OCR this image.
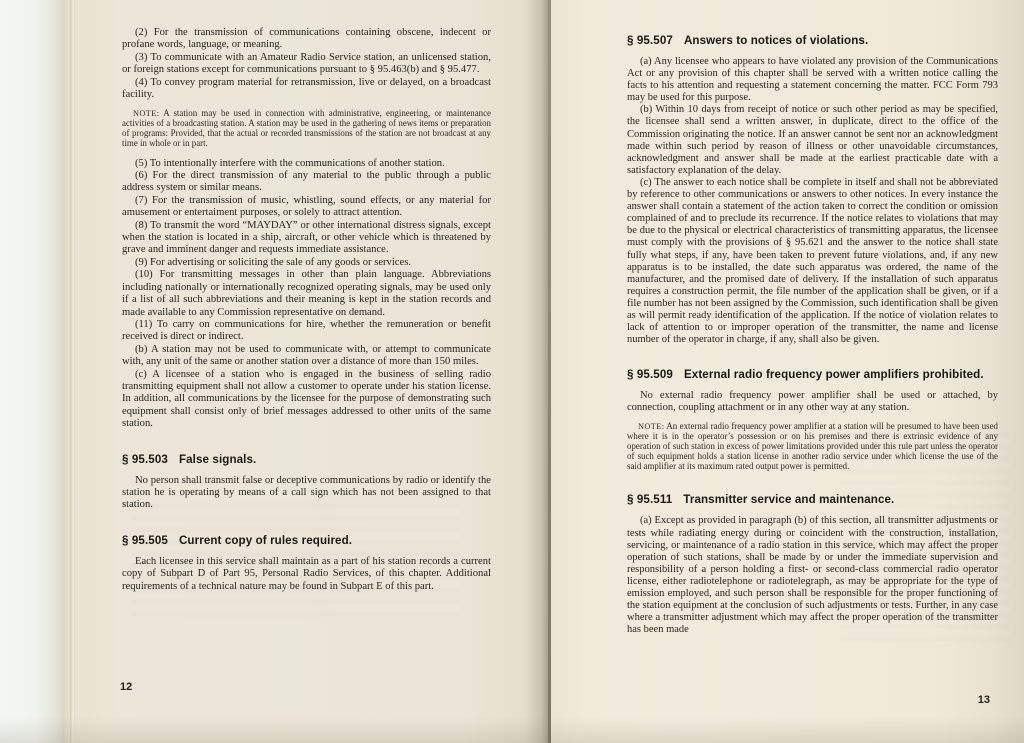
(2) For the transmission of communications containing obscene, indecent or profane words, language, or meaning.

(3) To communicate with an Amateur Radio Service station, an unlicensed station, or foreign stations except for communications pursuant to § 95.463(b) and § 95.477.

(4) To convey program material for retransmission, live or delayed, on a broadcast facility.

NOTE: A station may be used in connection with administrative, engineering, or maintenance activities of a broadcasting station. A station may be used in the gathering of news items or preparation of programs: Provided, that the actual or recorded transmissions of the station are not broadcast at any time in whole or in part.

(5) To intentionally interfere with the communications of another station.

(6) For the direct transmission of any material to the public through a public address system or similar means.

(7) For the transmission of music, whistling, sound effects, or any material for amusement or entertaiment purposes, or solely to attract attention.

(8) To transmit the word “MAYDAY” or other international distress signals, except when the station is located in a ship, aircraft, or other vehicle which is threatened by grave and imminent danger and requests immediate assistance.

(9) For advertising or soliciting the sale of any goods or services.

(10) For transmitting messages in other than plain language. Abbreviations including nationally or internationally recognized operating signals, may be used only if a list of all such abbreviations and their meaning is kept in the station records and made available to any Commission representative on demand.

(11) To carry on communications for hire, whether the remuneration or benefit received is direct or indirect.

(b) A station may not be used to communicate with, or attempt to communicate with, any unit of the same or another station over a distance of more than 150 miles.

(c) A licensee of a station who is engaged in the business of selling radio transmitting equipment shall not allow a customer to operate under his station license. In addition, all communications by the licensee for the purpose of demonstrating such equipment shall consist only of brief messages addressed to other units of the same station.

§ 95.503 False signals.

No person shall transmit false or deceptive communications by radio or identify the station he is operating by means of a call sign which has not been assigned to that station.

§ 95.505 Current copy of rules required.

Each licensee in this service shall maintain as a part of his station records a current copy of Subpart D of Part 95, Personal Radio Services, of this chapter. Additional requirements of a technical nature may be found in Subpart E of this part.

12
§ 95.507 Answers to notices of violations.

(a) Any licensee who appears to have violated any provision of the Communications Act or any provision of this chapter shall be served with a written notice calling the facts to his attention and requesting a statement concerning the matter. FCC Form 793 may be used for this purpose.

(b) Within 10 days from receipt of notice or such other period as may be specified, the licensee shall send a written answer, in duplicate, direct to the office of the Commission originating the notice. If an answer cannot be sent nor an acknowledgment made within such period by reason of illness or other unavoidable circumstances, acknowledgment and answer shall be made at the earliest practicable date with a satisfactory explanation of the delay.

(c) The answer to each notice shall be complete in itself and shall not be abbreviated by reference to other communications or answers to other notices. In every instance the answer shall contain a statement of the action taken to correct the condition or omission complained of and to preclude its recurrence. If the notice relates to violations that may be due to the physical or electrical characteristics of transmitting apparatus, the licensee must comply with the provisions of § 95.621 and the answer to the notice shall state fully what steps, if any, have been taken to prevent future violations, and, if any new apparatus is to be installed, the date such apparatus was ordered, the name of the manufacturer, and the promised date of delivery. If the installation of such apparatus requires a construction permit, the file number of the application shall be given, or if a file number has not been assigned by the Commission, such identification shall be given as will permit ready identification of the application. If the notice of violation relates to lack of attention to or improper operation of the transmitter, the name and license number of the operator in charge, if any, shall also be given.

§ 95.509 External radio frequency power amplifiers prohibited.

No external radio frequency power amplifier shall be used or attached, by connection, coupling attachment or in any other way at any station.

NOTE: An external radio frequency power amplifier at a station will be presumed to have been used where it is in the operator’s possession or on his premises and there is extrinsic evidence of any operation of such station in excess of power limitations provided under this rule part unless the operator of such equipment holds a station license in another radio service under which license the use of the said amplifier at its maximum rated output power is permitted.

§ 95.511 Transmitter service and maintenance.

(a) Except as provided in paragraph (b) of this section, all transmitter adjustments or tests while radiating energy during or coincident with the construction, installation, servicing, or maintenance of a radio station in this service, which may affect the proper operation of such stations, shall be made by or under the immediate supervision and responsibility of a person holding a first- or second-class commercial radio operator license, either radiotelephone or radiotelegraph, as may be appropriate for the type of emission employed, and such person shall be responsible for the proper functioning of the station equipment at the conclusion of such adjustments or tests. Further, in any case where a transmitter adjustment which may affect the proper operation of the transmitter has been made

13
